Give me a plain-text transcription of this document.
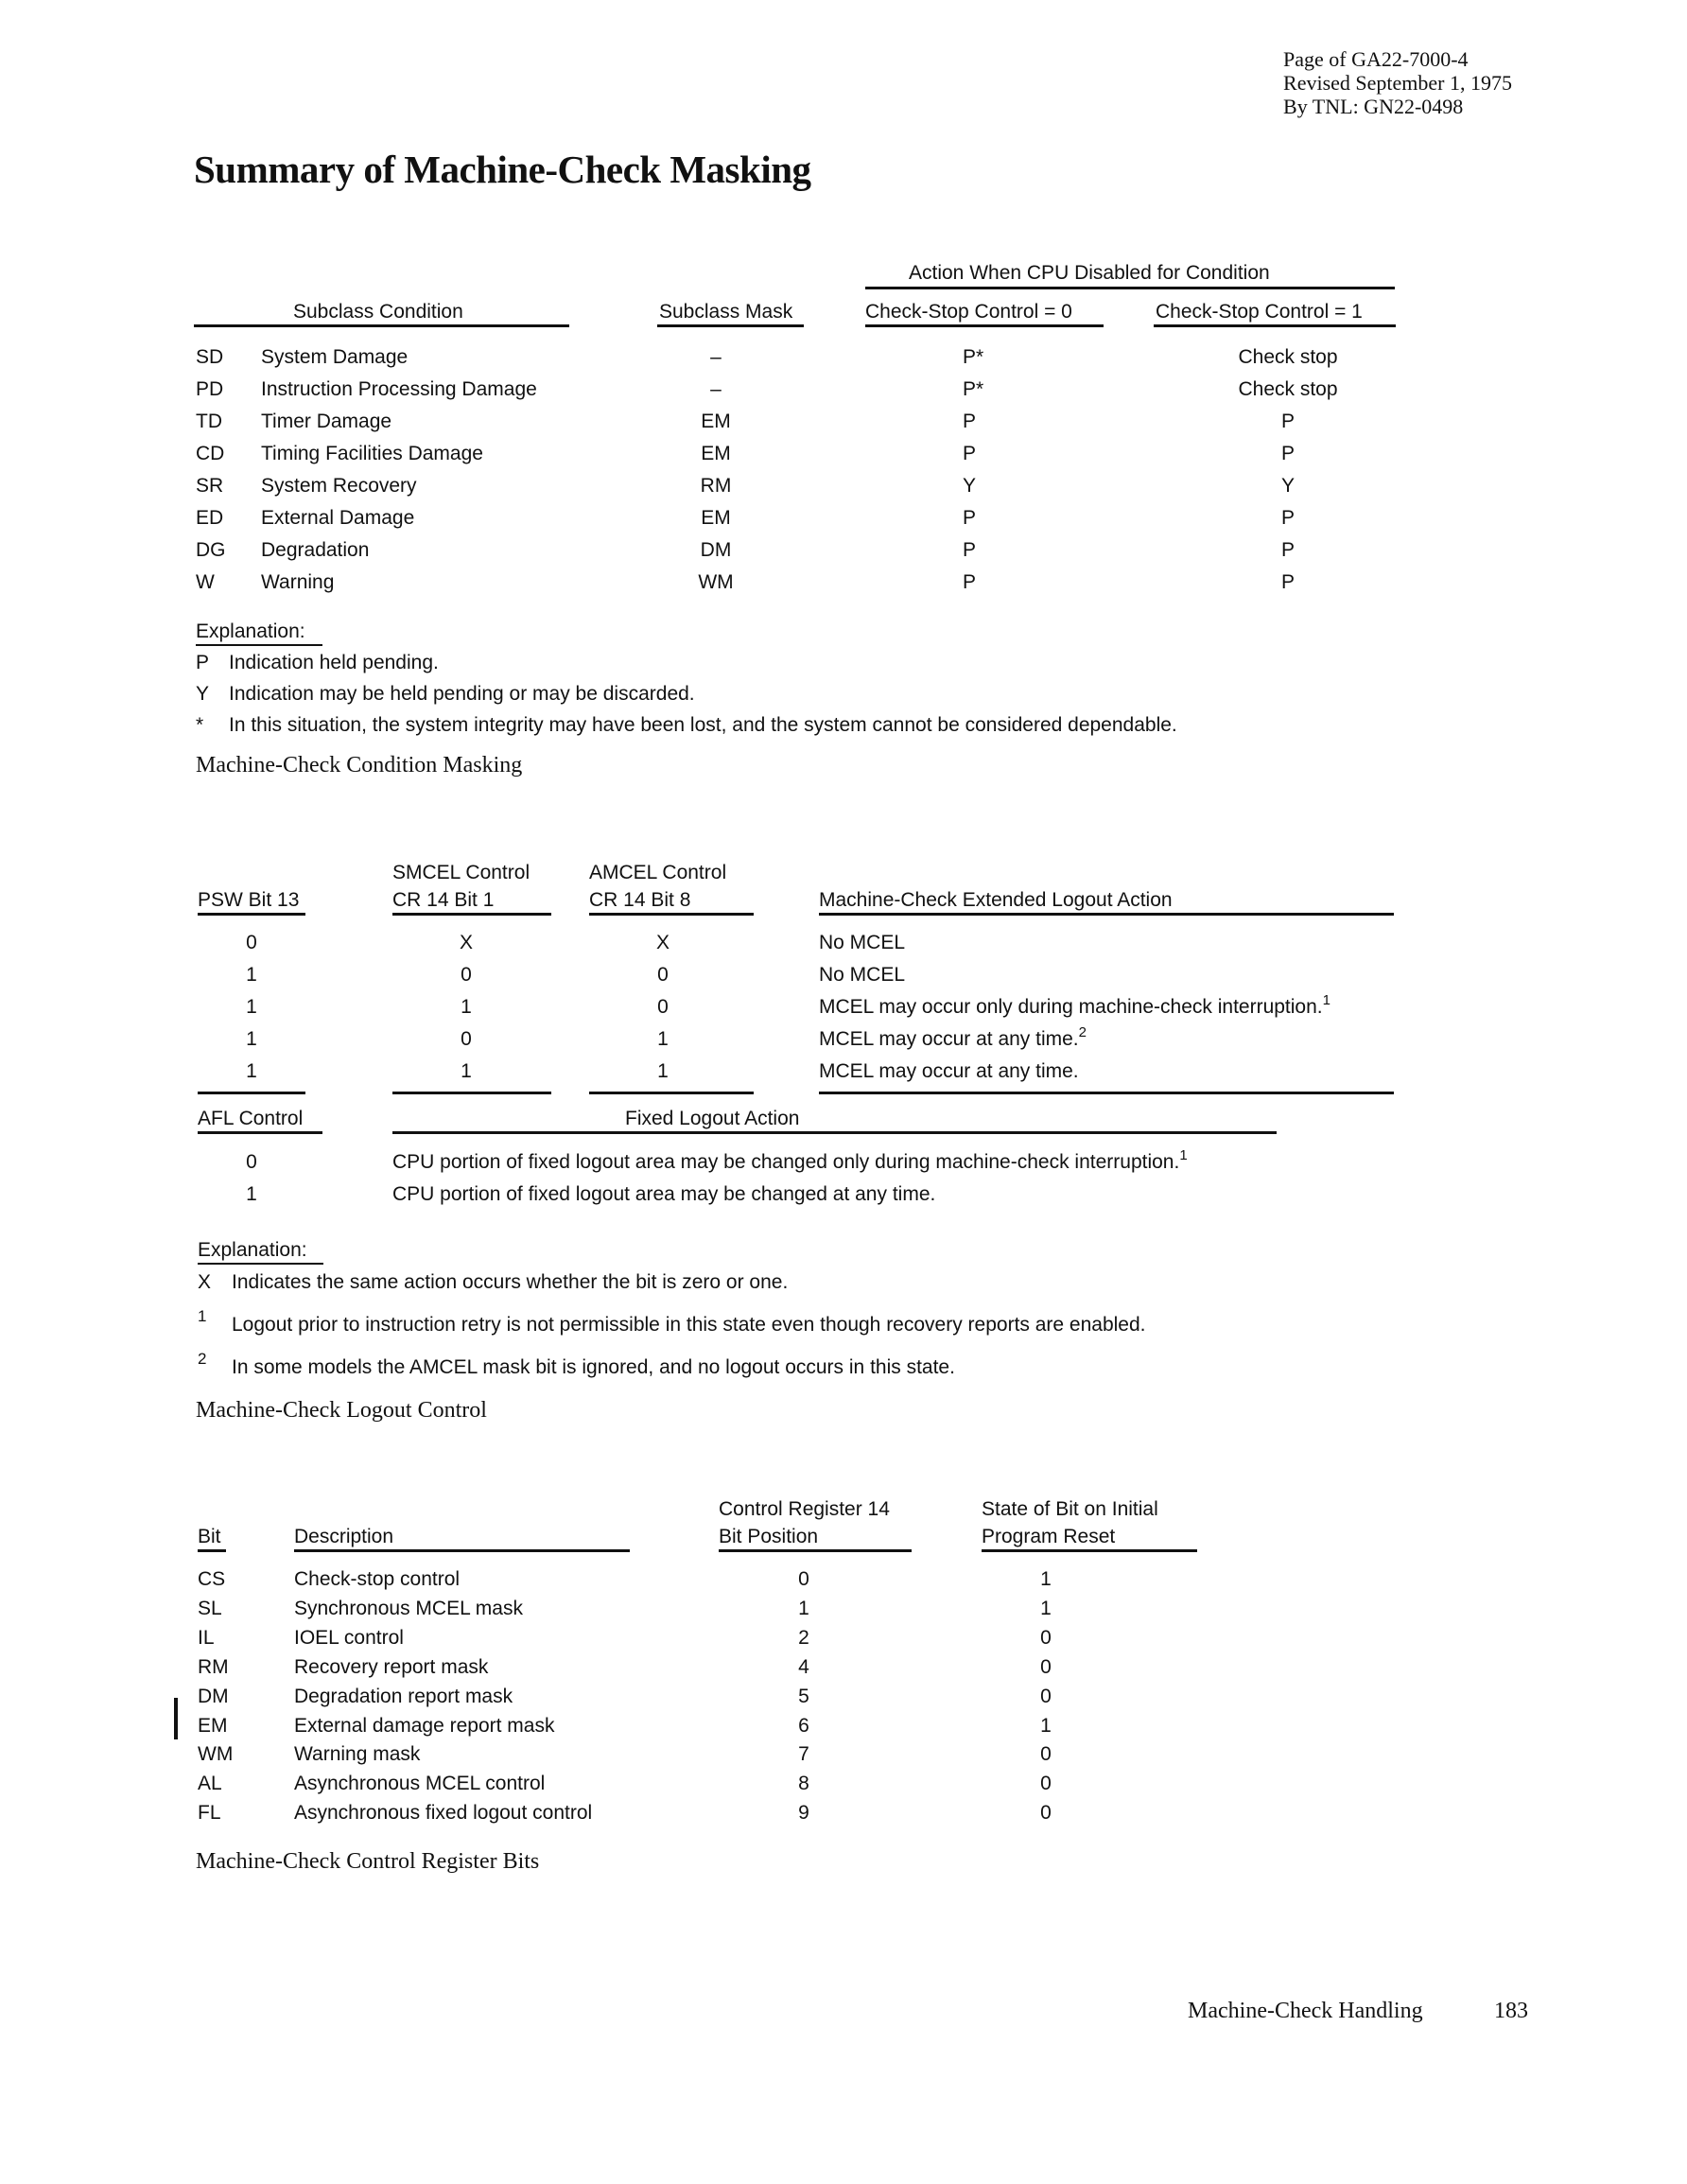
Page of GA22-7000-4
Revised September 1, 1975
By TNL: GN22-0498
Summary of Machine-Check Masking
Action When CPU Disabled for Condition
Subclass Condition	Subclass Mask	Check-Stop Control = 0	Check-Stop Control = 1
SD System Damage	–	P*	Check stop
PD Instruction Processing Damage	–	P*	Check stop
TD Timer Damage	EM	P	P
CD Timing Facilities Damage	EM	P	P
SR System Recovery	RM	Y	Y
ED External Damage	EM	P	P
DG Degradation	DM	P	P
W Warning	WM	P	P
Explanation:
P Indication held pending.
Y Indication may be held pending or may be discarded.
* In this situation, the system integrity may have been lost, and the system cannot be considered dependable.
Machine-Check Condition Masking
SMCEL Control	AMCEL Control
PSW Bit 13	CR 14 Bit 1	CR 14 Bit 8	Machine-Check Extended Logout Action
0	X	X	No MCEL
1	0	0	No MCEL
1	1	0	MCEL may occur only during machine-check interruption.$^1$
1	0	1	MCEL may occur at any time.$^2$
1	1	1	MCEL may occur at any time.
AFL Control	Fixed Logout Action
0	CPU portion of fixed logout area may be changed only during machine-check interruption.$^1$
1	CPU portion of fixed logout area may be changed at any time.
Explanation:
X Indicates the same action occurs whether the bit is zero or one.
1 Logout prior to instruction retry is not permissible in this state even though recovery reports are enabled.
2 In some models the AMCEL mask bit is ignored, and no logout occurs in this state.
Machine-Check Logout Control
Control Register 14	State of Bit on Initial
Bit	Description	Bit Position	Program Reset
CS	Check-stop control	0	1
SL	Synchronous MCEL mask	1	1
IL	IOEL control	2	0
RM	Recovery report mask	4	0
DM	Degradation report mask	5	0
EM	External damage report mask	6	1
WM	Warning mask	7	0
AL	Asynchronous MCEL control	8	0
FL	Asynchronous fixed logout control	9	0
Machine-Check Control Register Bits
Machine-Check Handling	183
